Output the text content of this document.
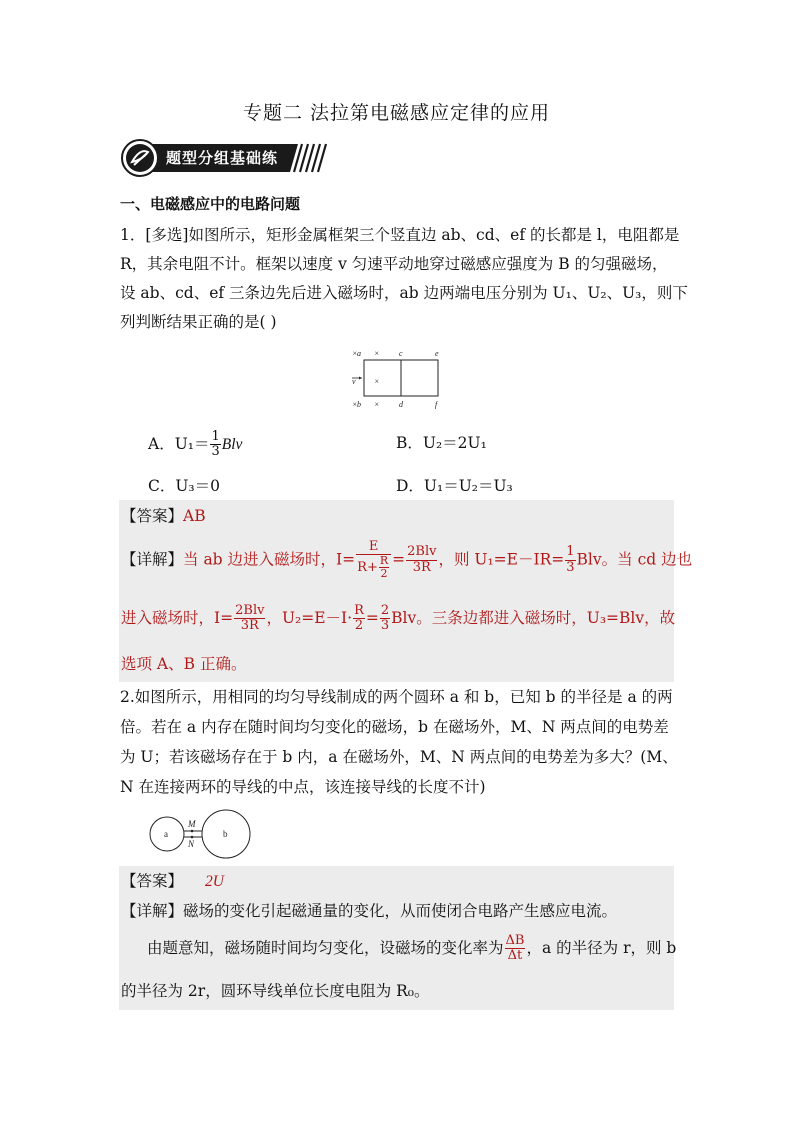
专题二 法拉第电磁感应定律的应用
题型分组基础练
一、电磁感应中的电路问题
1．[多选]如图所示，矩形金属框架三个竖直边 ab、cd、ef 的长都是 l，电阻都是
R，其余电阻不计。框架以速度 v 匀速平动地穿过磁感应强度为 B 的匀强磁场，
设 ab、cd、ef 三条边先后进入磁场时，ab 边两端电压分别为 U₁、U₂、U₃，则下
列判断结果正确的是( )
× a × c	e
v ×
× b × d	f
A．$U_1= \frac{1}{3}$ Blv	B．U₂＝2U₁
C．U₃＝0	D．U₁＝U₂＝U₃
【答案】AB
【详解】当 ab 边进入磁场时，$I= \frac{E}{R+ \frac{R}{2}} = \frac{\text{2Blv}}{3R}$ ，则 $U_1=E-IR= \frac{1}{3}$ Blv。当 cd 边也
进入磁场时，$I= \frac{\text{2Blv}}{3R}$ ，$U_2=E-I\cdot \frac{R}{2} = \frac{2}{3}$ Blv。三条边都进入磁场时，U₃=Blv，故
选项 A、B 正确。
2.如图所示，用相同的均匀导线制成的两个圆环 a 和 b，已知 b 的半径是 a 的两
倍。若在 a 内存在随时间均匀变化的磁场，b 在磁场外，M、N 两点间的电势差
为 U；若该磁场存在于 b 内，a 在磁场外，M、N 两点间的电势差为多大？(M、
N 在连接两环的导线的中点，该连接导线的长度不计)
a
M
N
b
【答案】 2U
【详解】磁场的变化引起磁通量的变化，从而使闭合电路产生感应电流。
由题意知，磁场随时间均匀变化，设磁场的变化率为 $\frac{\Delta B}{\Delta t}$ ，a 的半径为 r，则 b
的半径为 2r，圆环导线单位长度电阻为 R₀。
